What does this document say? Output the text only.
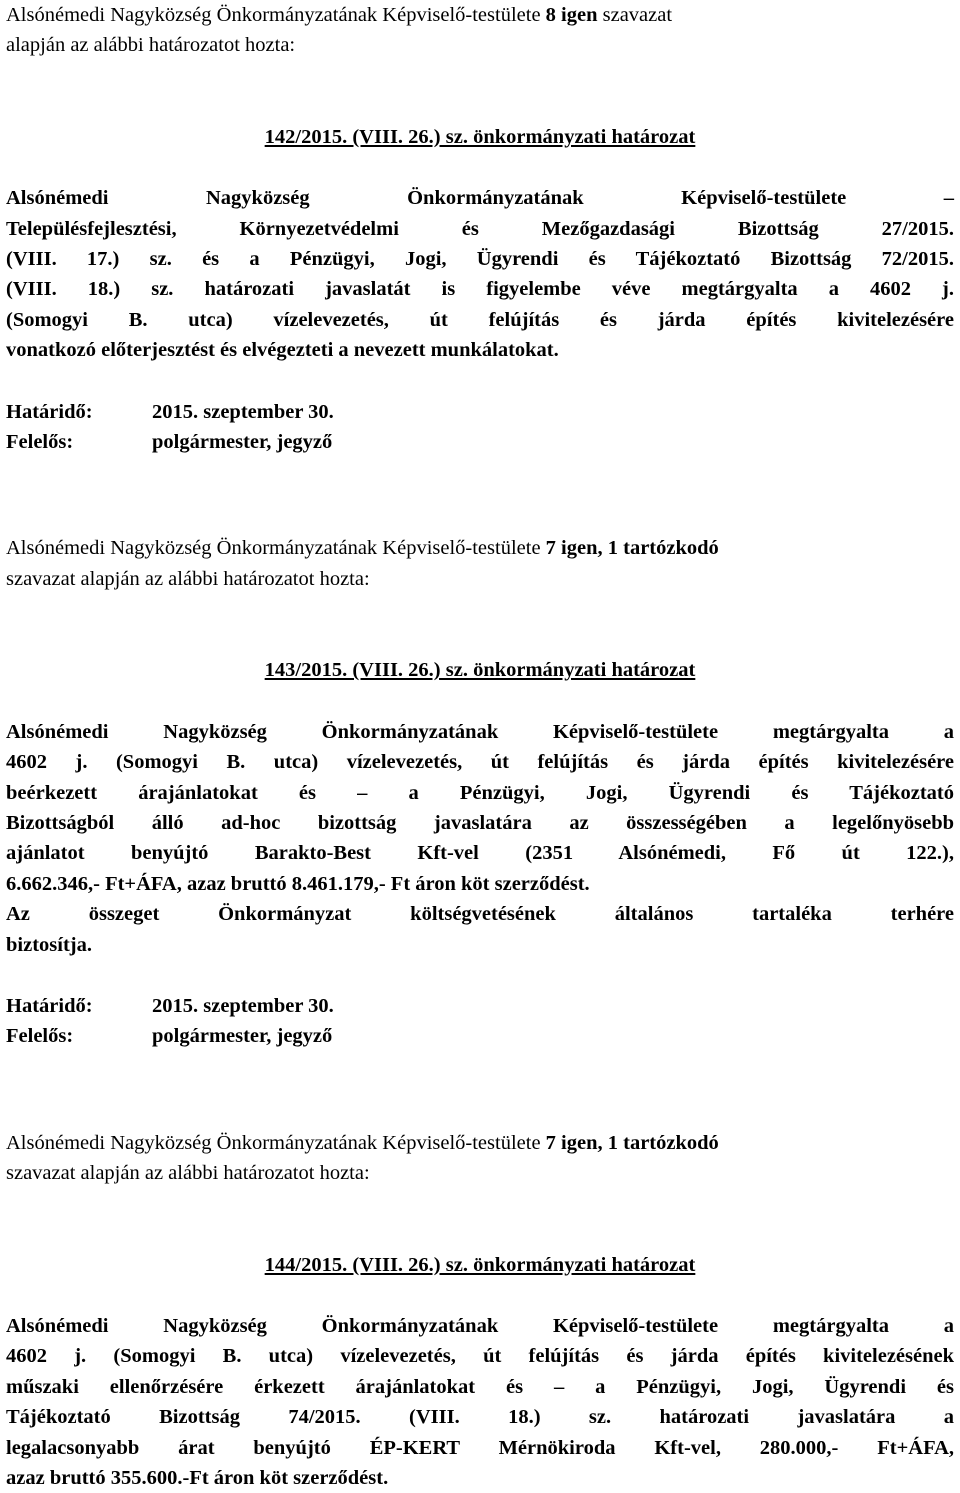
Alsónémedi Nagyközség Önkormányzatának Képviselő-testülete 8 igen szavazat

alapján az alábbi határozatot hozta:

142/2015. (VIII. 26.) sz. önkormányzati határozat

Alsónémedi Nagyközség Önkormányzatának Képviselő-testülete –

Településfejlesztési, Környezetvédelmi és Mezőgazdasági Bizottság 27/2015.

(VIII. 17.) sz. és a Pénzügyi, Jogi, Ügyrendi és Tájékoztató Bizottság 72/2015.

(VIII. 18.) sz. határozati javaslatát is figyelembe véve megtárgyalta a 4602 j.

(Somogyi B. utca) vízelevezetés, út felújítás és járda építés kivitelezésére

vonatkozó előterjesztést és elvégezteti a nevezett munkálatokat.

Határidő:	2015. szeptember 30.
Felelős:	polgármester, jegyző

Alsónémedi Nagyközség Önkormányzatának Képviselő-testülete 7 igen, 1 tartózkodó

szavazat alapján az alábbi határozatot hozta:

143/2015. (VIII. 26.) sz. önkormányzati határozat

Alsónémedi Nagyközség Önkormányzatának Képviselő-testülete megtárgyalta a

4602 j. (Somogyi B. utca) vízelevezetés, út felújítás és járda építés kivitelezésére

beérkezett árajánlatokat és – a Pénzügyi, Jogi, Ügyrendi és Tájékoztató

Bizottságból álló ad-hoc bizottság javaslatára az összességében a legelőnyösebb

ajánlatot benyújtó Barakto-Best Kft-vel (2351 Alsónémedi, Fő út 122.),

6.662.346,- Ft+ÁFA, azaz bruttó 8.461.179,- Ft áron köt szerződést.

Az összeget Önkormányzat költségvetésének általános tartaléka terhére

biztosítja.

Határidő:	2015. szeptember 30.
Felelős:	polgármester, jegyző

Alsónémedi Nagyközség Önkormányzatának Képviselő-testülete 7 igen, 1 tartózkodó

szavazat alapján az alábbi határozatot hozta:

144/2015. (VIII. 26.) sz. önkormányzati határozat

Alsónémedi Nagyközség Önkormányzatának Képviselő-testülete megtárgyalta a

4602 j. (Somogyi B. utca) vízelevezetés, út felújítás és járda építés kivitelezésének

műszaki ellenőrzésére érkezett árajánlatokat és – a Pénzügyi, Jogi, Ügyrendi és

Tájékoztató Bizottság 74/2015. (VIII. 18.) sz. határozati javaslatára a

legalacsonyabb árat benyújtó ÉP-KERT Mérnökiroda Kft-vel, 280.000,- Ft+ÁFA,

azaz bruttó 355.600.-Ft áron köt szerződést.
